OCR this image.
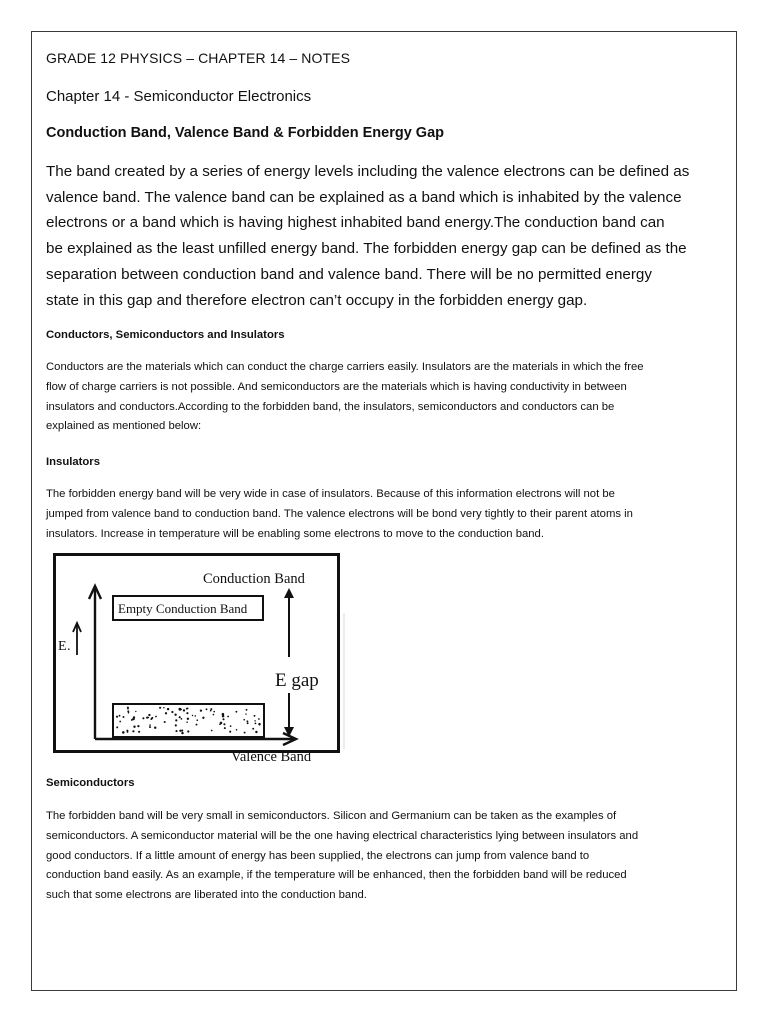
GRADE 12 PHYSICS – CHAPTER 14 – NOTES

Chapter 14 - Semiconductor Electronics

Conduction Band, Valence Band & Forbidden Energy Gap

The band created by a series of energy levels including the valence electrons can be defined as
valence band. The valence band can be explained as a band which is inhabited by the valence
electrons or a band which is having highest inhabited band energy.The conduction band can
be explained as the least unfilled energy band. The forbidden energy gap can be defined as the
separation between conduction band and valence band. There will be no permitted energy
state in this gap and therefore electron can’t occupy in the forbidden energy gap.

Conductors, Semiconductors and Insulators

Conductors are the materials which can conduct the charge carriers easily. Insulators are the materials in which the free
flow of charge carriers is not possible. And semiconductors are the materials which is having conductivity in between
insulators and conductors.According to the forbidden band, the insulators, semiconductors and conductors can be
explained as mentioned below:

Insulators

The forbidden energy band will be very wide in case of insulators. Because of this information electrons will not be
jumped from valence band to conduction band. The valence electrons will be bond very tightly to their parent atoms in
insulators. Increase in temperature will be enabling some electrons to move to the conduction band.
E .
Conduction Band
Empty Conduction Band
E gap
Valence Band

Semiconductors

The forbidden band will be very small in semiconductors. Silicon and Germanium can be taken as the examples of
semiconductors. A semiconductor material will be the one having electrical characteristics lying between insulators and
good conductors. If a little amount of energy has been supplied, the electrons can jump from valence band to
conduction band easily. As an example, if the temperature will be enhanced, then the forbidden band will be reduced
such that some electrons are liberated into the conduction band.
